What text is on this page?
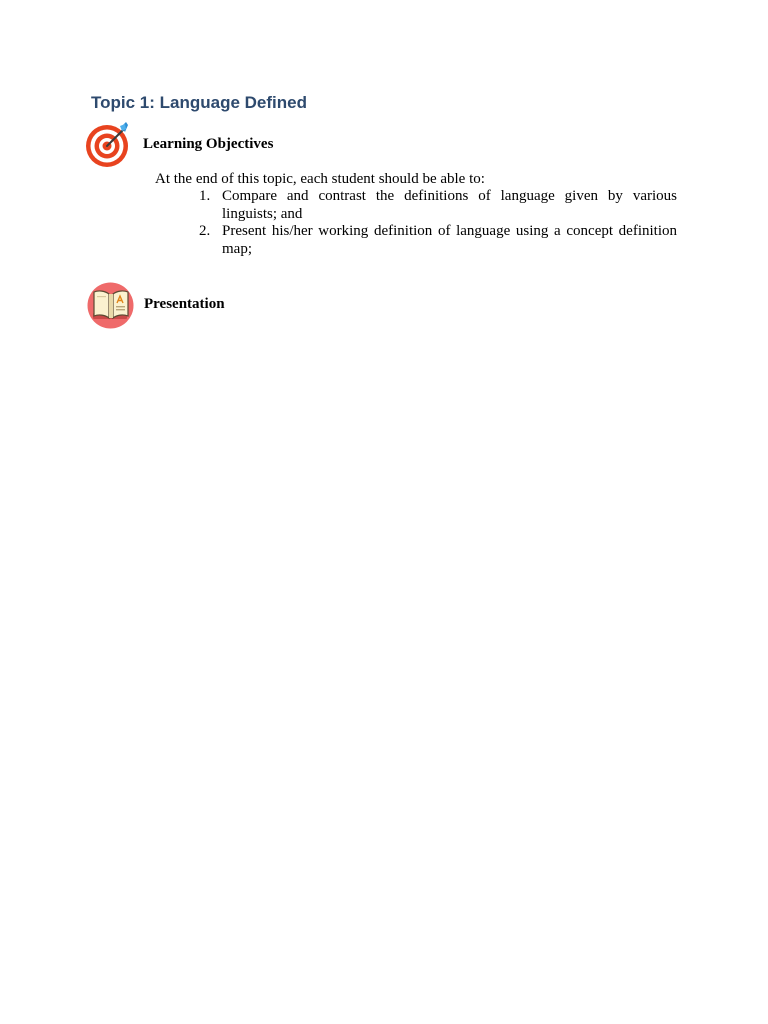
Topic 1: Language Defined
Learning Objectives

At the end of this topic, each student should be able to:

1. Compare and contrast the definitions of language given by various linguists; and
2. Present his/her working definition of language using a concept definition map;
Presentation
